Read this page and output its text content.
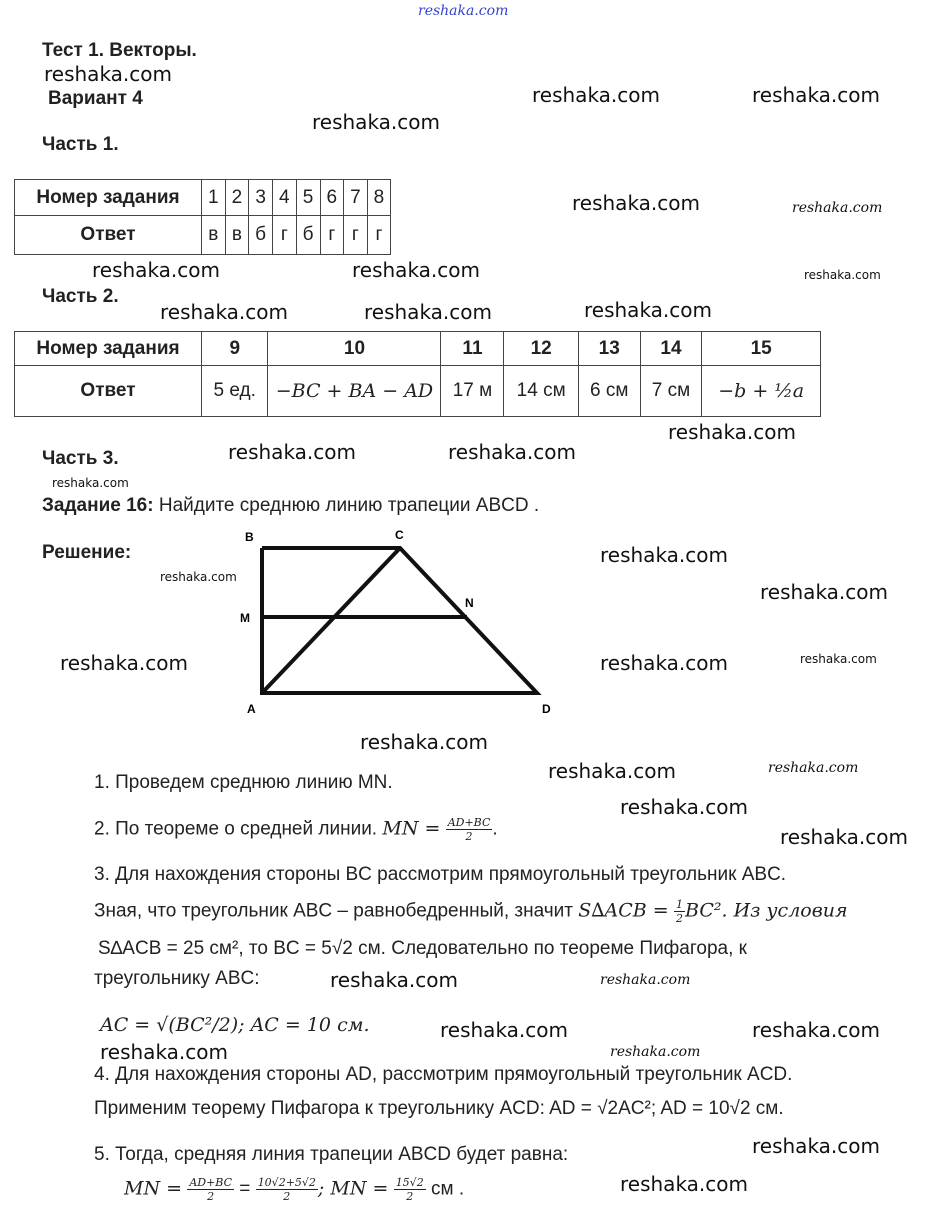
Тест 1. Векторы.
Вариант 4
Часть 1.
Номер задания	1	2	3	4	5	6	7	8
Ответ	в	в	б	г	б	г	г	г
Часть 2.
Номер задания	9	10	11	12	13	14	15
Ответ	5 ед.	−BC + BA − AD	17 м	14 см	6 см	7 см	−b + ½a
Часть 3.
Задание 16: Найдите среднюю линию трапеции ABCD .
Решение:
B	C
M
N
A	D
1. Проведем среднюю линию MN.
2. По теореме о средней линии. MN = $\frac{AD+BC}{2}$ .
3. Для нахождения стороны BC рассмотрим прямоугольный треугольник ABC.
Зная, что треугольник ABC – равнобедренный, значит $S\Delta ACB = \frac{1}{2} BC^2$. Из условия
S∆ACB = 25 см², то BC = 5√2 см. Следовательно по теореме Пифагора, к
треугольнику ABC:
AC = √(BC²/2); AC = 10 см.
4. Для нахождения стороны AD, рассмотрим прямоугольный треугольник ACD.
Применим теорему Пифагора к треугольнику ACD: AD = √2AC²; AD = 10√2 см.
5. Тогда, средняя линия трапеции ABCD будет равна:
MN = $\frac{AD+BC}{2} = \frac{10√2+5√2}{2}$ ; MN = $\frac{15√2}{2}$ см .
reshaka.com
reshaka.com
reshaka.com	reshaka.com
reshaka.com
reshaka.com	reshaka.com
reshaka.com	reshaka.com	reshaka.com
reshaka.com
reshaka.com	reshaka.com
reshaka.com
reshaka.com	reshaka.com
reshaka.com
reshaka.com
reshaka.com
reshaka.com
reshaka.com
reshaka.com
reshaka.com	reshaka.com
reshaka.com	reshaka.com
reshaka.com
reshaka.com
reshaka.com
reshaka.com
reshaka.com	reshaka.com
reshaka.com	reshaka.com
reshaka.com
reshaka.com
